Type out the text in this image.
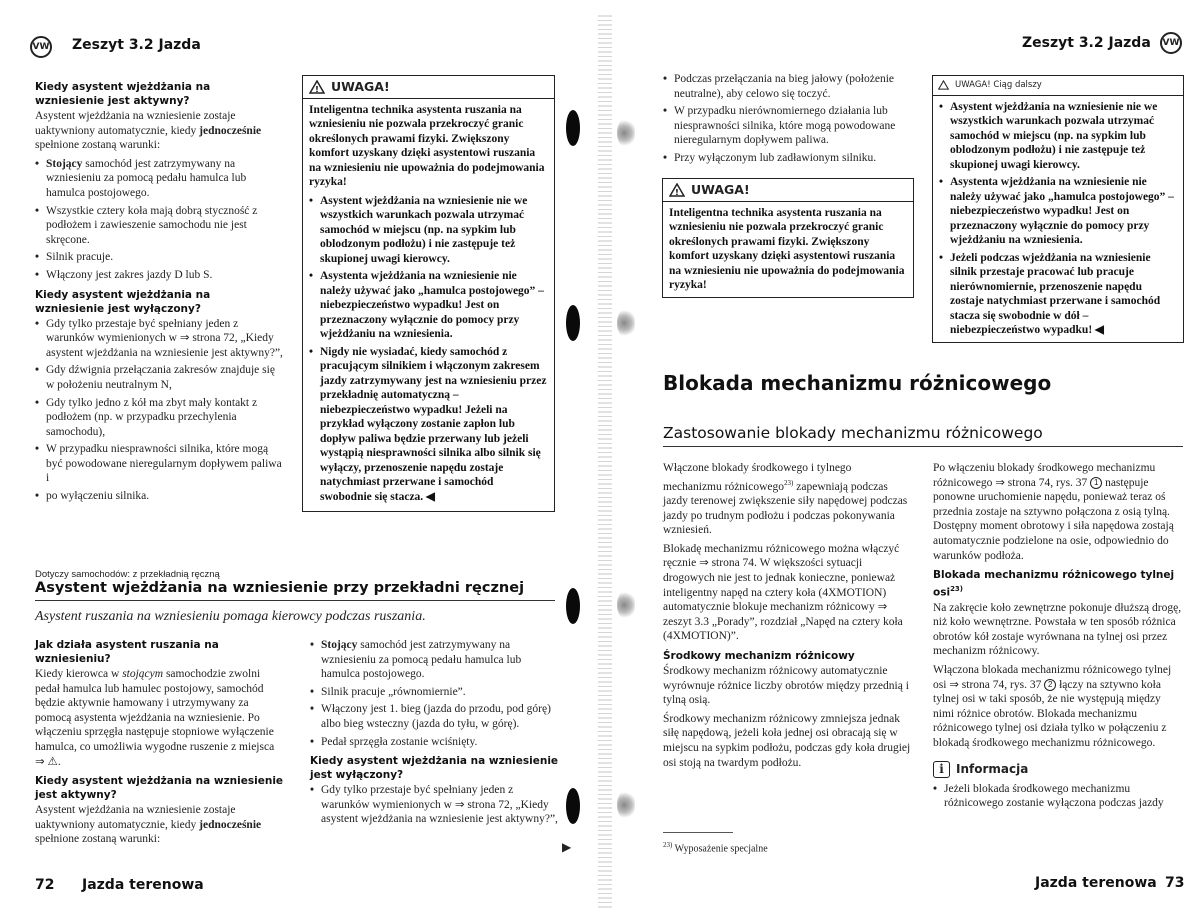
VW Zeszyt 3.2 Jazda	Zeszyt 3.2 Jazda VW
Kiedy asystent wjeżdżania na wzniesienie jest aktywny?

Asystent wjeżdżania na wzniesienie zostaje uaktywniony automatycznie, kiedy jednocześnie spełnione zostaną warunki:

• Stojący samochód jest zatrzymywany na wzniesieniu za pomocą pedału hamulca lub hamulca postojowego.
• Wszystkie cztery koła mają dobrą styczność z podłożem i zawieszenie samochodu nie jest skręcone.
• Silnik pracuje.
• Włączony jest zakres jazdy D lub S.
Kiedy asystent wjeżdżania na wzniesienie jest wyłączony?
• Gdy tylko przestaje być spełniany jeden z warunków wymienionych w ⇒ strona 72, „Kiedy asystent wjeżdżania na wzniesienie jest aktywny?”,
• Gdy dźwignia przełączania zakresów znajduje się w położeniu neutralnym N,
• Gdy tylko jedno z kół ma zbyt mały kontakt z podłożem (np. w przypadku przechylenia samochodu),
• W przypadku niesprawności silnika, które mogą być powodowane nieregularnym dopływem paliwa i
• po wyłączeniu silnika.
! UWAGA!

Inteligentna technika asystenta ruszania na wzniesieniu nie pozwala przekroczyć granic określonych prawami fizyki. Zwiększony komfort uzyskany dzięki asystentowi ruszania na wzniesieniu nie upoważnia do podejmowania ryzyka!

• Asystent wjeżdżania na wzniesienie nie we wszystkich warunkach pozwala utrzymać samochód w miejscu (np. na sypkim lub oblodzonym podłożu) i nie zastępuje też skupionej uwagi kierowcy.
• Asystenta wjeżdżania na wzniesienie nie należy używać jako „hamulca postojowego” – niebezpieczeństwo wypadku! Jest on przeznaczony wyłącznie do pomocy przy wjeżdżaniu na wzniesienia.
• Nigdy nie wysiadać, kiedy samochód z pracującym silnikiem i włączonym zakresem jazdy zatrzymywany jest na wzniesieniu przez przekładnię automatyczną – niebezpieczeństwo wypadku! Jeżeli na przykład wyłączony zostanie zapłon lub dopływ paliwa będzie przerwany lub jeżeli wystąpią niesprawności silnika albo silnik się wyłączy, przenoszenie napędu zostaje natychmiast przerwane i samochód swobodnie się stacza. ◀
Dotyczy samochodów: z przekładnią ręczną
Asystent wjeżdżania na wzniesienie przy przekładni ręcznej
Asystent ruszania na wzniesieniu pomaga kierowcy podczas ruszania.
Jak działa asystent ruszania na wzniesieniu?

Kiedy kierowca w stojącym samochodzie zwolni pedał hamulca lub hamulec postojowy, samochód będzie aktywnie hamowany i utrzymywany za pomocą asystenta wjeżdżania na wzniesienie. Po włączeniu sprzęgła następuje stopniowe wyłączenie hamulca, co umożliwia wygodne ruszenie z miejsca ⇒ ⚠.

Kiedy asystent wjeżdżania na wzniesienie jest aktywny?

Asystent wjeżdżania na wzniesienie zostaje uaktywniony automatycznie, kiedy jednocześnie spełnione zostaną warunki:

• Stojący samochód jest zatrzymywany na wzniesieniu za pomocą pedału hamulca lub hamulca postojowego.
• Silnik pracuje „równomiernie”.
• Włączony jest 1. bieg (jazda do przodu, pod górę) albo bieg wsteczny (jazda do tyłu, w górę).
• Pedał sprzęgła zostanie wciśnięty.
Kiedy asystent wjeżdżania na wzniesienie jest wyłączony?
• Gdy tylko przestaje być spełniany jeden z warunków wymienionych w ⇒ strona 72, „Kiedy asystent wjeżdżania na wzniesienie jest aktywny?”,
▶
72 Jazda terenowa
• Podczas przełączania na bieg jałowy (położenie neutralne), aby celowo się toczyć.
• W przypadku nierównomiernego działania lub niesprawności silnika, które mogą powodowane nieregularnym dopływem paliwa.
• Przy wyłączonym lub zadławionym silniku.
! UWAGA!

Inteligentna technika asystenta ruszania na wzniesieniu nie pozwala przekroczyć granic określonych prawami fizyki. Zwiększony komfort uzyskany dzięki asystentowi ruszania na wzniesieniu nie upoważnia do podejmowania ryzyka!

UWAGA! Ciąg dalszy
• Asystent wjeżdżania na wzniesienie nie we wszystkich warunkach pozwala utrzymać samochód w miejscu (np. na sypkim lub oblodzonym podłożu) i nie zastępuje też skupionej uwagi kierowcy.
• Asystenta wjeżdżania na wzniesienie nie należy używać jako „hamulca postojowego” – niebezpieczeństwo wypadku! Jest on przeznaczony wyłącznie do pomocy przy wjeżdżaniu na wzniesienia.
• Jeżeli podczas wjeżdżania na wzniesienie silnik przestaje pracować lub pracuje nierównomiernie, przenoszenie napędu zostaje natychmiast przerwane i samochód stacza się swobodnie w dół – niebezpieczeństwo wypadku! ◀
Blokada mechanizmu różnicowego
Zastosowanie blokady mechanizmu różnicowego

Włączone blokady środkowego i tylnego mechanizmu różnicowego$^{23)}$ zapewniają podczas jazdy terenowej zwiększenie siły napędowej podczas jazdy po trudnym podłożu i podczas pokonywania wzniesień.

Blokadę mechanizmu różnicowego można włączyć ręcznie ⇒ strona 74. W większości sytuacji drogowych nie jest to jednak konieczne, ponieważ inteligentny napęd na cztery koła (4XMOTION) automatycznie blokuje mechanizm różnicowy ⇒ zeszyt 3.3 „Porady”, rozdział „Napęd na cztery koła (4XMOTION)”.

Środkowy mechanizm różnicowy

Środkowy mechanizm różnicowy automatycznie wyrównuje różnice liczby obrotów między przednią i tylną osią.

Środkowy mechanizm różnicowy zmniejsza jednak siłę napędową, jeżeli koła jednej osi obracają się w miejscu na sypkim podłożu, podczas gdy koła drugiej osi stoją na twardym podłożu.

$^{23)}$ Wyposażenie specjalne

Po włączeniu blokady środkowego mechanizmu różnicowego ⇒ strona 74, rys. 37 1 następuje ponowne uruchomienie napędu, ponieważ teraz oś przednia zostaje na sztywno połączona z osią tylną. Dostępny moment obrotowy i siła napędowa zostają automatycznie podzielone na osie, odpowiednio do warunków podłoża.

Blokada mechanizmu różnicowego tylnej osi$^{23)}$

Na zakręcie koło zewnętrzne pokonuje dłuższą drogę, niż koło wewnętrzne. Powstała w ten sposób różnica obrotów kół zostaje wyrównana na tylnej osi przez mechanizm różnicowy.

Włączona blokada mechanizmu różnicowego tylnej osi ⇒ strona 74, rys. 37 2 łączy na sztywno koła tylnej osi w taki sposób, że nie występują między nimi różnice obrotów. Blokada mechanizmu różnicowego tylnej osi działa tylko w połączeniu z blokadą środkowego mechanizmu różnicowego.

i	Informacja
• Jeżeli blokada środkowego mechanizmu różnicowego zostanie wyłączona podczas jazdy
Jazda terenowa 73
